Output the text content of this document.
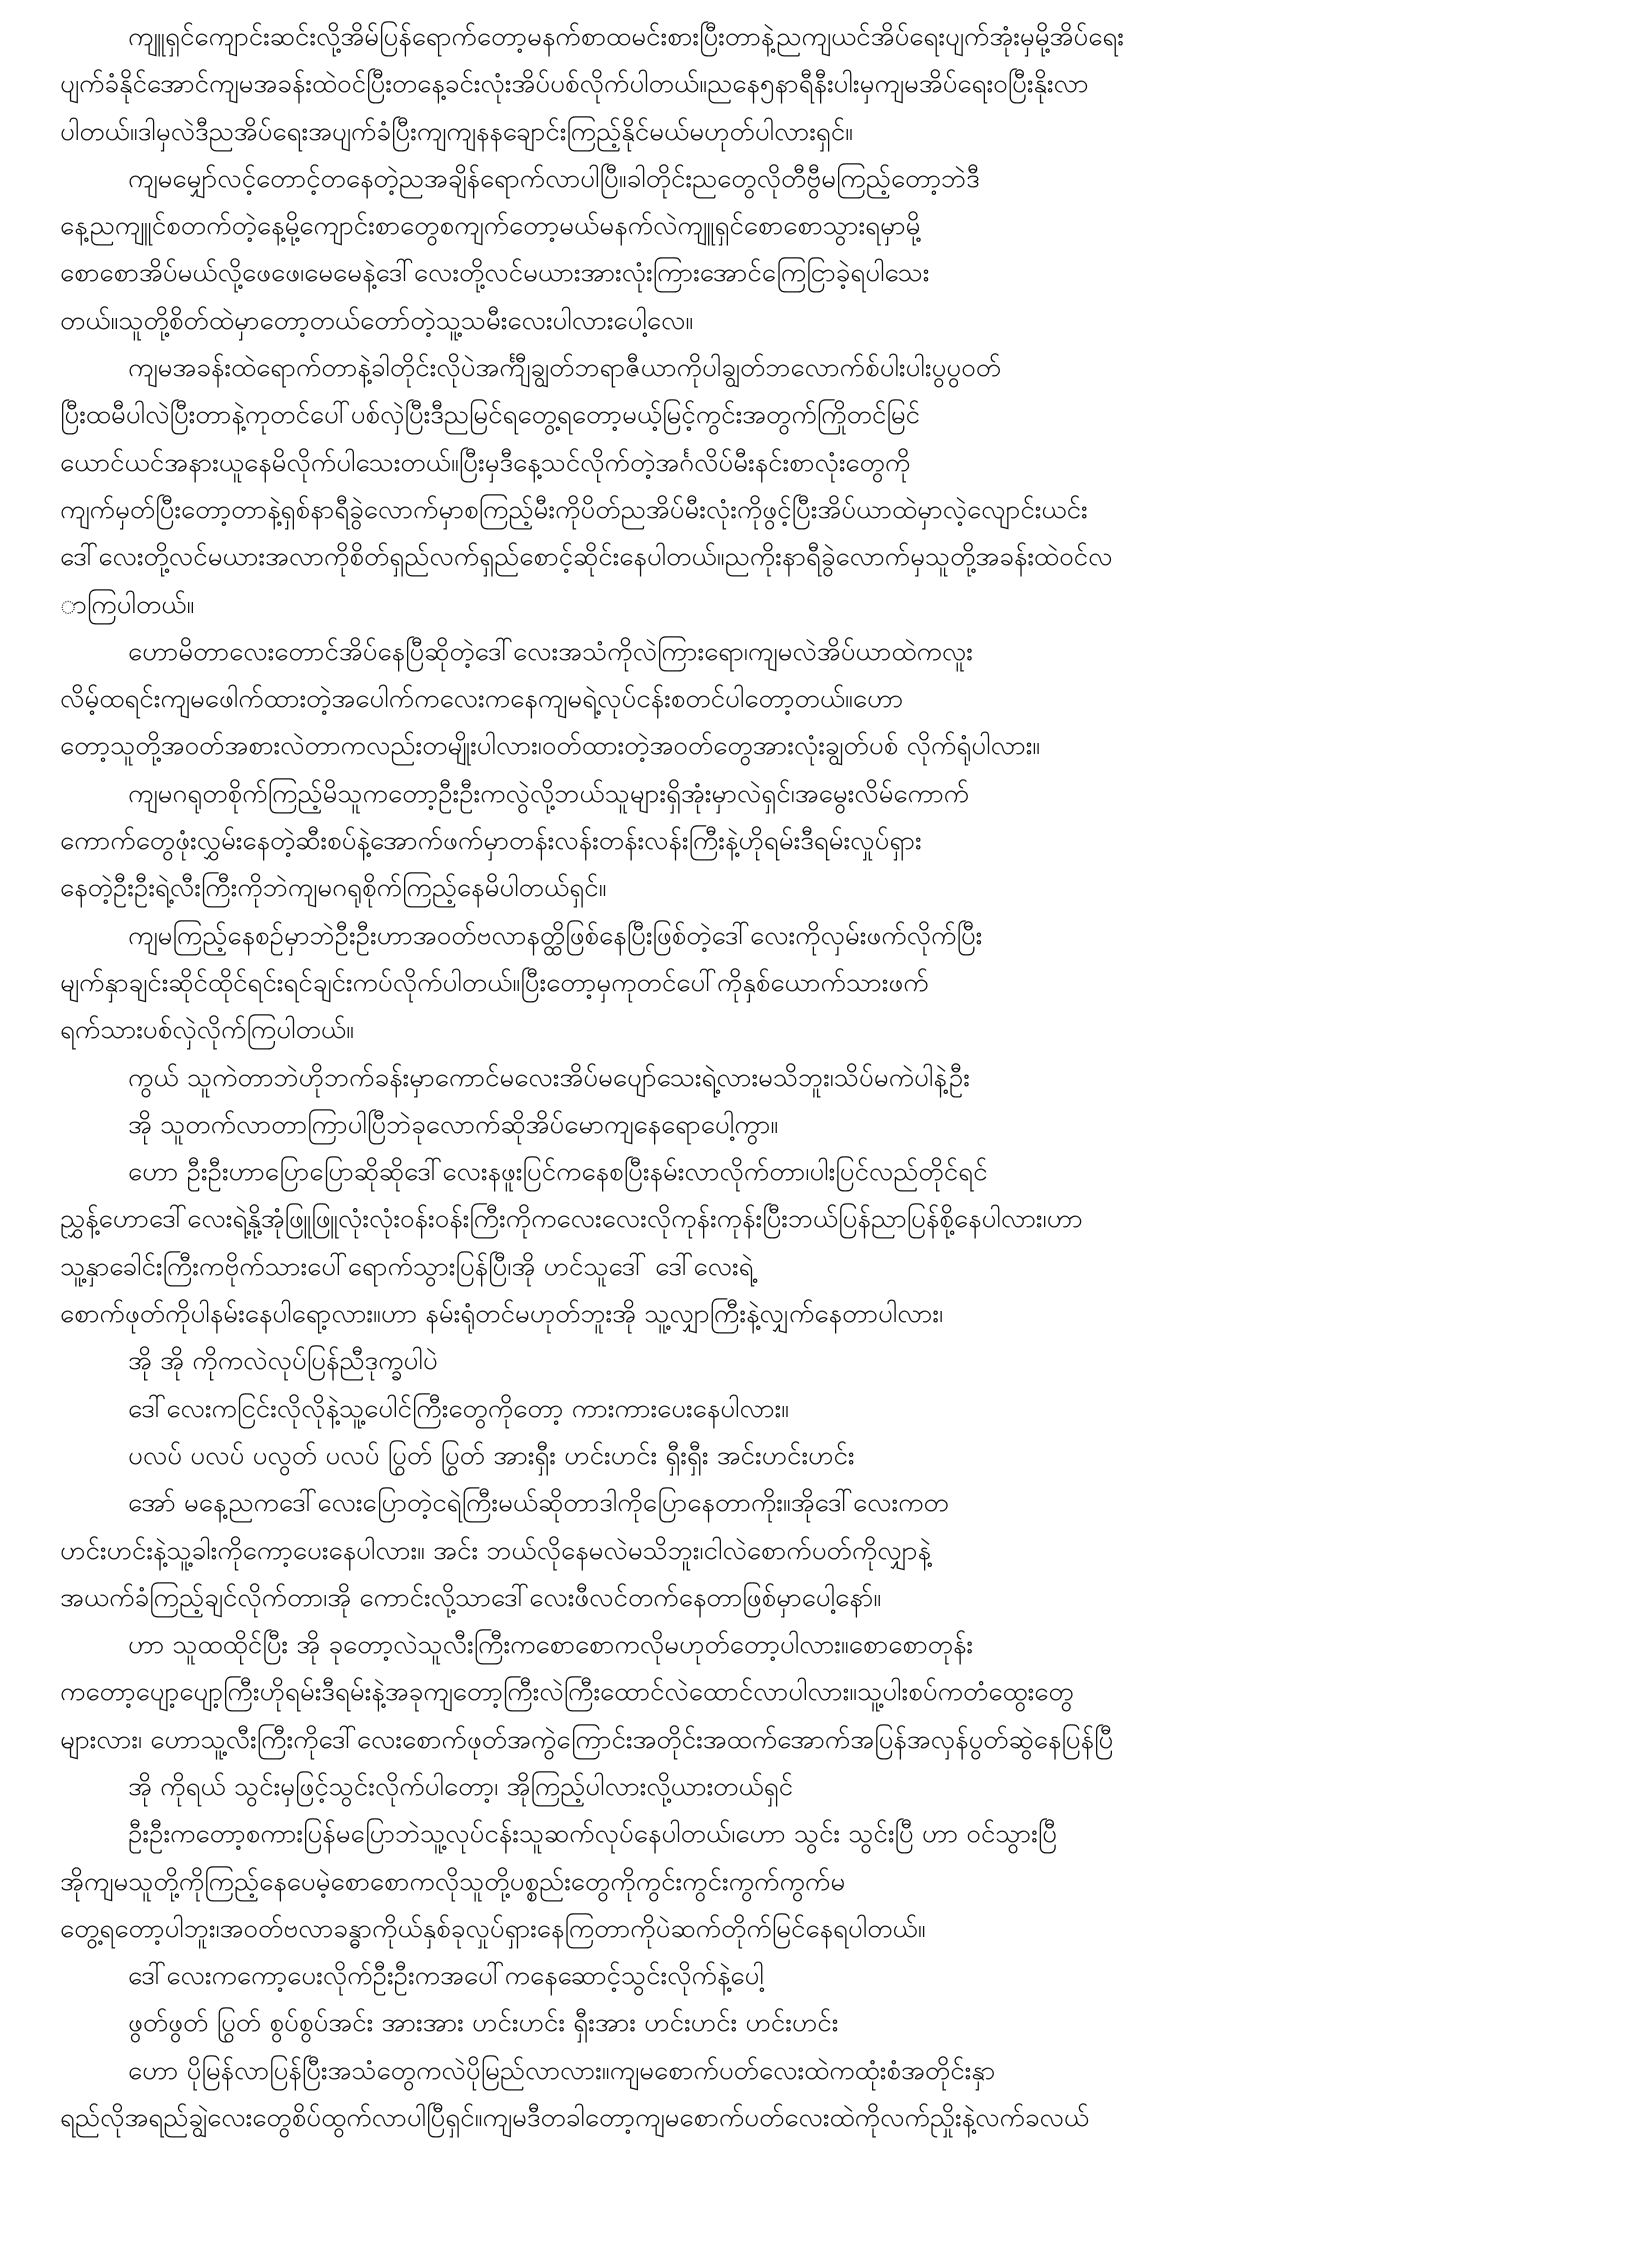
ကျူရှင်ကျောင်းဆင်းလို့အိမ်ပြန်ရောက်တော့မနက်စာထမင်းစားပြီးတာနဲ့ညကျယင်အိပ်ရေးပျက်အုံးမှမို့အိပ်ရေး
ပျက်ခံနိုင်အောင်ကျမအခန်းထဲဝင်ပြီးတနေ့ခင်းလုံးအိပ်ပစ်လိုက်ပါတယ်။ညနေ၅နာရီနီးပါးမှကျမအိပ်ရေးဝပြီးနိုးလာ
ပါတယ်။ဒါမှလဲဒီညအိပ်ရေးအပျက်ခံပြီးကျကျနနချောင်းကြည့်နိုင်မယ်မဟုတ်ပါလားရှင်။
ကျမမျှော်လင့်တောင့်တနေတဲ့ညအချိန်ရောက်လာပါပြီ။ခါတိုင်းညတွေလိုတီဗွီမကြည့်တော့ဘဲဒီ
နေ့ညကျူင်စတက်တဲ့နေ့မို့ကျောင်းစာတွေစကျက်တော့မယ်မနက်လဲကျူရှင်စောစောသွားရမှာမို့
စောစောအိပ်မယ်လို့ဖေဖေ၊မေမေနဲ့ဒေါ်လေးတို့လင်မယားအားလုံးကြားအောင်ကြေငြာခဲ့ရပါသေး
တယ်။သူတို့စိတ်ထဲမှာတော့တယ်တော်တဲ့သူ့သမီးလေးပါလားပေါ့လေ။
ကျမအခန်းထဲရောက်တာနဲ့ခါတိုင်းလိုပဲအင်္ကျီချွတ်ဘရာဇီယာကိုပါချွတ်ဘလောက်စ်ပါးပါးပွပွဝတ်
ပြီးထမီပါလဲပြီးတာနဲ့ကုတင်ပေါ်ပစ်လှဲပြီးဒီညမြင်ရတွေ့ရတော့မယ့်မြင့်ကွင်းအတွက်ကြိုတင်မြင်
ယောင်ယင်အနားယူနေမိလိုက်ပါသေးတယ်။ပြီးမှဒီနေ့သင်လိုက်တဲ့အင်္ဂလိပ်မီးနင်းစာလုံးတွေကို
ကျက်မှတ်ပြီးတော့တာနဲ့ရှစ်နာရီခွဲလောက်မှာစကြည့်မီးကိုပိတ်ညအိပ်မီးလုံးကိုဖွင့်ပြီးအိပ်ယာထဲမှာလဲ့လျောင်းယင်း
ဒေါ်လေးတို့လင်မယားအလာကိုစိတ်ရှည်လက်ရှည်စောင့်ဆိုင်းနေပါတယ်။ညကိုးနာရီခွဲလောက်မှသူတို့အခန်းထဲဝင်လ
ာကြပါတယ်။
ဟောမိတာလေးတောင်အိပ်နေပြီဆိုတဲ့ဒေါ်လေးအသံကိုလဲကြားရော၊ကျမလဲအိပ်ယာထဲကလူး
လိမ့်ထရင်းကျမဖေါက်ထားတဲ့အပေါက်ကလေးကနေကျမရဲ့လုပ်ငန်းစတင်ပါတော့တယ်။ဟော
တော့သူတို့အဝတ်အစားလဲတာကလည်းတမျိုးပါလား၊ဝတ်ထားတဲ့အဝတ်တွေအားလုံးချွတ်ပစ် လိုက်ရုံပါလား။
ကျမဂရုတစိုက်ကြည့်မိသူကတော့ဦးဦးကလွဲလို့ဘယ်သူများရှိအုံးမှာလဲရှင်၊အမွေးလိမ်ကောက်
ကောက်တွေဖုံးလွှမ်းနေတဲ့ဆီးစပ်နဲ့အောက်ဖက်မှာတန်းလန်းတန်းလန်းကြီးနဲ့ဟိုရမ်းဒီရမ်းလှုပ်ရှား
နေတဲ့ဦးဦးရဲ့လီးကြီးကိုဘဲကျမဂရုစိုက်ကြည့်နေမိပါတယ်ရှင်။
ကျမကြည့်နေစဉ်မှာဘဲဦးဦးဟာအဝတ်ဗလာနတ္ထိဖြစ်နေပြီးဖြစ်တဲ့ဒေါ်လေးကိုလှမ်းဖက်လိုက်ပြီး
မျက်နှာချင်းဆိုင်ထိုင်ရင်းရင်ချင်းကပ်လိုက်ပါတယ်။ပြီးတော့မှကုတင်ပေါ်ကိုနှစ်ယောက်သားဖက်
ရက်သားပစ်လှဲလိုက်ကြပါတယ်။
ကွယ် သူကဲတာဘဲဟိုဘက်ခန်းမှာကောင်မလေးအိပ်မပျော်သေးရဲ့လားမသိဘူး၊သိပ်မကဲပါနဲ့ဦး
အို သူတက်လာတာကြာပါပြီဘဲခုလောက်ဆိုအိပ်မောကျနေရောပေါ့ကွာ။
ဟော ဦးဦးဟာပြောပြောဆိုဆိုဒေါ်လေးနဖူးပြင်ကနေစပြီးနမ်းလာလိုက်တာ၊ပါးပြင်လည်တိုင်ရင်
ညွှန့်ဟောဒေါ်လေးရဲ့နို့အုံဖြူဖြူလုံးလုံးဝန်းဝန်းကြီးကိုကလေးလေးလိုကုန်းကုန်းပြီးဘယ်ပြန်ညာပြန်စို့နေပါလား၊ဟာ
သူ့နှာခေါင်းကြီးကဗိုက်သားပေါ်ရောက်သွားပြန်ပြီ၊အို ဟင်သူဒေါ် ဒေါ်လေးရဲ့
စောက်ဖုတ်ကိုပါနမ်းနေပါရော့လား။ဟာ နမ်းရုံတင်မဟုတ်ဘူးအို သူ့လျှာကြီးနဲ့လျှက်နေတာပါလား၊
အို အို ကိုကလဲလုပ်ပြန်ညီဒုက္ခပါပဲ
ဒေါ်လေးကငြင်းလိုလိုနဲ့သူ့ပေါင်ကြီးတွေကိုတော့ ကားကားပေးနေပါလား။
ပလပ် ပလပ် ပလွတ် ပလပ် ပြွတ် ပြွတ် အားရှီး ဟင်းဟင်း ရှီးရှီး အင်းဟင်းဟင်း
အော် မနေ့ညကဒေါ်လေးပြောတဲ့ငရဲကြီးမယ်ဆိုတာဒါကိုပြောနေတာကိုး။အိုဒေါ်လေးကတ
ဟင်းဟင်းနဲ့သူ့ခါးကိုကော့ပေးနေပါလား။ အင်း ဘယ်လိုနေမလဲမသိဘူး၊ငါလဲစောက်ပတ်ကိုလျှာနဲ့
အယက်ခံကြည့်ချင်လိုက်တာ၊အို ကောင်းလို့သာဒေါ်လေးဖီလင်တက်နေတာဖြစ်မှာပေါ့နော်။
ဟာ သူထထိုင်ပြီး အို ခုတော့လဲသူလီးကြီးကစောစောကလိုမဟုတ်တော့ပါလား။စောစောတုန်း
ကတော့ပျော့ပျော့ကြီးဟိုရမ်းဒီရမ်းနဲ့အခုကျတော့ကြီးလဲကြီးထောင်လဲထောင်လာပါလား။သူ့ပါးစပ်ကတံထွေးတွေ
များလား၊ ဟောသူ့လီးကြီးကိုဒေါ်လေးစောက်ဖုတ်အကွဲကြောင်းအတိုင်းအထက်အောက်အပြန်အလှန်ပွတ်ဆွဲနေပြန်ပြီ
အို ကိုရယ် သွင်းမှဖြင့်သွင်းလိုက်ပါတော့၊ အိုကြည့်ပါလားလို့ယားတယ်ရှင်
ဦးဦးကတော့စကားပြန်မပြောဘဲသူ့လုပ်ငန်းသူဆက်လုပ်နေပါတယ်၊ဟော သွင်း သွင်းပြီ ဟာ ဝင်သွားပြီ
အိုကျမသူတို့ကိုကြည့်နေပေမဲ့စောစောကလိုသူတို့ပစ္စည်းတွေကိုကွင်းကွင်းကွက်ကွက်မ
တွေ့ရတော့ပါဘူး၊အဝတ်ဗလာခန္ဓာကိုယ်နှစ်ခုလှုပ်ရှားနေကြတာကိုပဲဆက်တိုက်မြင်နေရပါတယ်။
ဒေါ်လေးကကော့ပေးလိုက်ဦးဦးကအပေါ်ကနေဆောင့်သွင်းလိုက်နဲ့ပေါ့
ဖွတ်ဖွတ် ပြွတ် စွပ်စွပ်အင်း အားအား ဟင်းဟင်း ရှီးအား ဟင်းဟင်း ဟင်းဟင်း
ဟော ပိုမြန်လာပြန်ပြီးအသံတွေကလဲပိုမြည်လာလား။ကျမစောက်ပတ်လေးထဲကထုံးစံအတိုင်းနှာ
ရည်လိုအရည်ချွဲလေးတွေစိပ်ထွက်လာပါပြီရှင်။ကျမဒီတခါတော့ကျမစောက်ပတ်လေးထဲကိုလက်ညှိုးနဲ့လက်ခလယ်
